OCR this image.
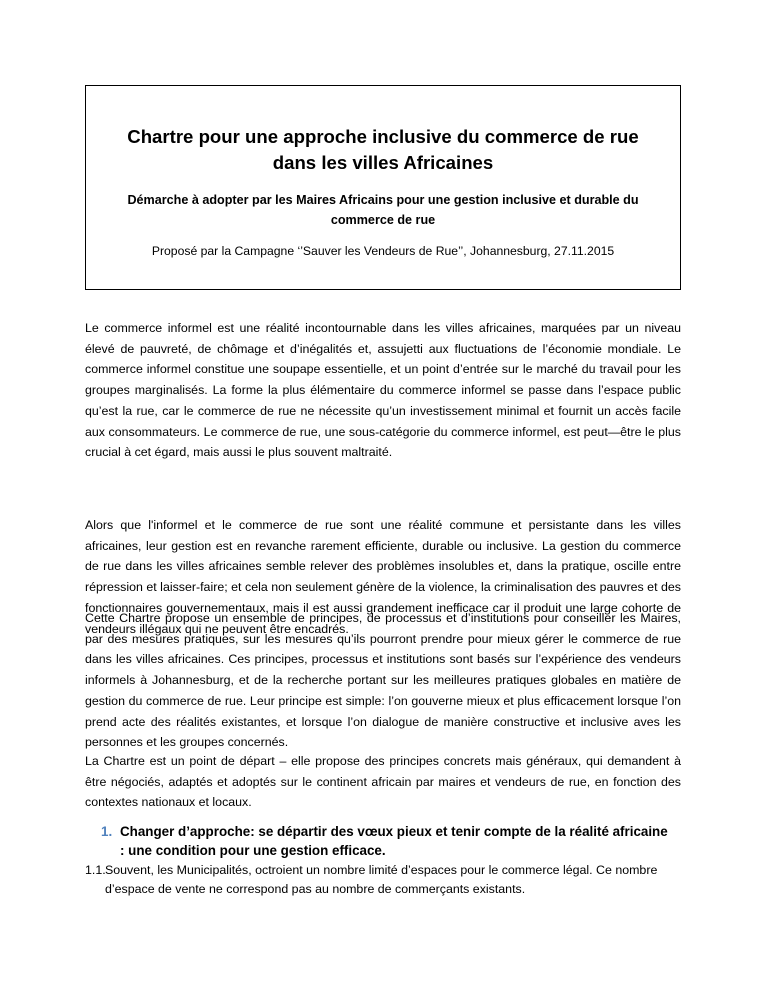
Chartre pour une approche inclusive du commerce de rue dans les villes Africaines
Démarche à adopter par les Maires Africains pour une gestion inclusive et durable du commerce de rue
Proposé par la Campagne ‘’Sauver les Vendeurs de Rue’’, Johannesburg, 27.11.2015

Le commerce informel est une réalité incontournable dans les villes africaines, marquées par un niveau élevé de pauvreté, de chômage et d’inégalités et, assujetti aux fluctuations de l’économie mondiale. Le commerce informel constitue une soupape essentielle, et un point d’entrée sur le marché du travail pour les groupes marginalisés. La forme la plus élémentaire du commerce informel se passe dans l’espace public qu’est la rue, car le commerce de rue ne nécessite qu’un investissement minimal et fournit un accès facile aux consommateurs. Le commerce de rue, une sous-catégorie du commerce informel, est peut—être le plus crucial à cet égard, mais aussi le plus souvent maltraité.

Alors que l'informel et le commerce de rue sont une réalité commune et persistante dans les villes africaines, leur gestion est en revanche rarement efficiente, durable ou inclusive. La gestion du commerce de rue dans les villes africaines semble relever des problèmes insolubles et, dans la pratique, oscille entre répression et laisser-faire; et cela non seulement génère de la violence, la criminalisation des pauvres et des fonctionnaires gouvernementaux, mais il est aussi grandement inefficace car il produit une large cohorte de vendeurs illégaux qui ne peuvent être encadrés.

Cette Chartre propose un ensemble de principes, de processus et d’institutions pour conseiller les Maires, par des mesures pratiques, sur les mesures qu’ils pourront prendre pour mieux gérer le commerce de rue dans les villes africaines. Ces principes, processus et institutions sont basés sur l’expérience des vendeurs informels à Johannesburg, et de la recherche portant sur les meilleures pratiques globales en matière de gestion du commerce de rue. Leur principe est simple: l’on gouverne mieux et plus efficacement lorsque l’on prend acte des réalités existantes, et lorsque l’on dialogue de manière constructive et inclusive aves les personnes et les groupes concernés.

La Chartre est un point de départ – elle propose des principes concrets mais généraux, qui demandent à être négociés, adaptés et adoptés sur le continent africain par maires et vendeurs de rue, en fonction des contextes nationaux et locaux.

1. Changer d’approche: se départir des vœux pieux et tenir compte de la réalité africaine : une condition pour une gestion efficace.
1.1. Souvent, les Municipalités, octroient un nombre limité d’espaces pour le commerce légal. Ce nombre d’espace de vente ne correspond pas au nombre de commerçants existants.
